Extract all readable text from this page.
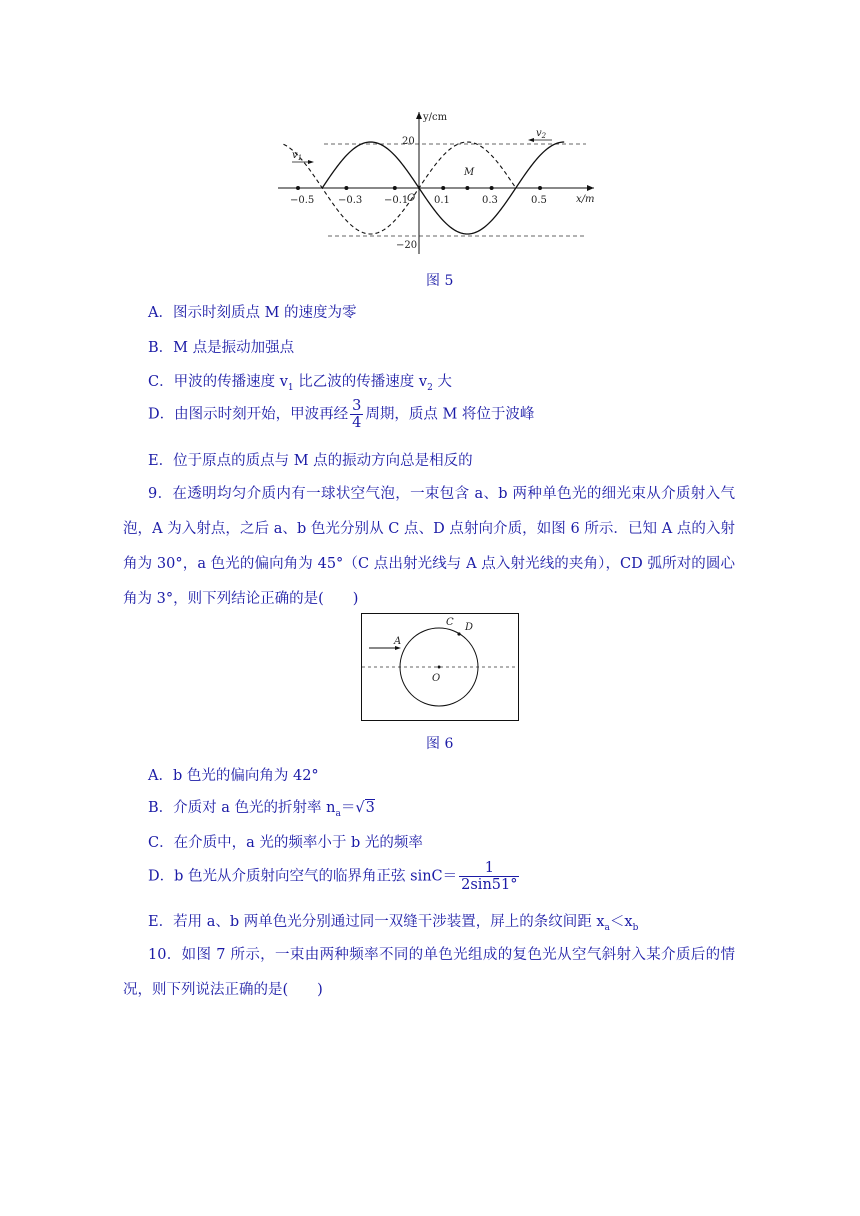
20
−20
y/cm
x/m
−0.5 −0.3 −0.1	0.1	0.3	0.5
O
M
$v_1$
$v_2$
图 5
A．图示时刻质点 M 的速度为零
B．M 点是振动加强点
C．甲波的传播速度 $v_1$ 比乙波的传播速度 $v_2$ 大
D．由图示时刻开始，甲波再经 $\frac{3}{4}$ 周期，质点 M 将位于波峰
E．位于原点的质点与 M 点的振动方向总是相反的
9．在透明均匀介质内有一球状空气泡，一束包含 a、b 两种单色光的细光束从介质射入气泡，A 为入射点，之后 a、b 色光分别从 C 点、D 点射向介质，如图 6 所示．已知 A 点的入射角为 30°，a 色光的偏向角为 45°（C 点出射光线与 A 点入射光线的夹角），CD 弧所对的圆心角为 3°，则下列结论正确的是(　　)
A
C D
O
图 6
A．b 色光的偏向角为 42°
B．介质对 a 色光的折射率 $n_a=√3$
C．在介质中，a 光的频率小于 b 光的频率
D．b 色光从介质射向空气的临界角正弦 $\sin C= \frac{1}{2\sin 51^\circ}$
E．若用 a、b 两单色光分别通过同一双缝干涉装置，屏上的条纹间距 $x_a<x_b$
10．如图 7 所示，一束由两种频率不同的单色光组成的复色光从空气斜射入某介质后的情况，则下列说法正确的是(　　)
